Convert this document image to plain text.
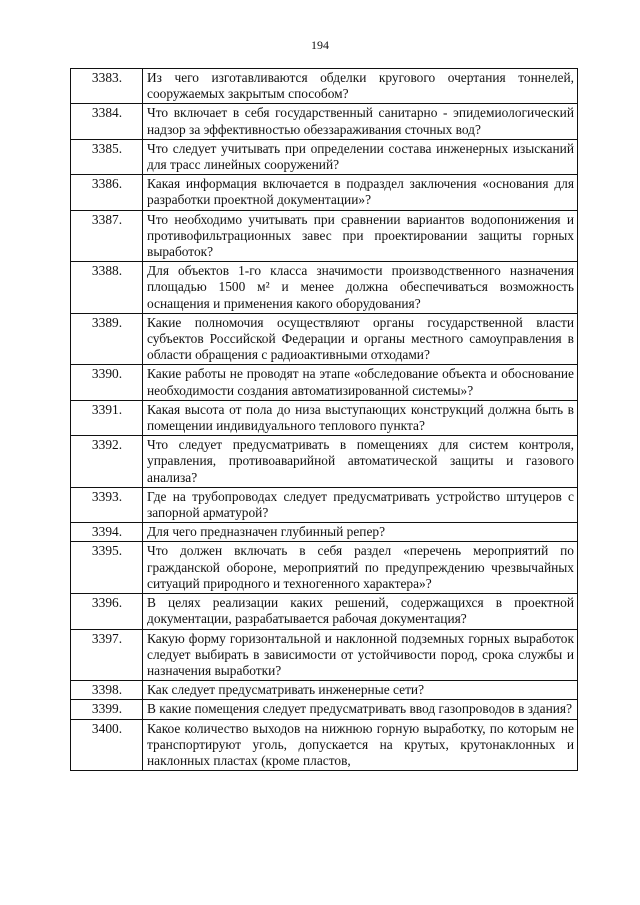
194
3383.	Из чего изготавливаются обделки кругового очертания тоннелей, сооружаемых закрытым способом?
3384.	Что включает в себя государственный санитарно - эпидемиологический надзор за эффективностью обеззараживания сточных вод?
3385.	Что следует учитывать при определении состава инженерных изысканий для трасс линейных сооружений?
3386.	Какая информация включается в подраздел заключения «основания для разработки проектной документации»?
3387.	Что необходимо учитывать при сравнении вариантов водопонижения и противофильтрационных завес при проектировании защиты горных выработок?
3388.	Для объектов 1-го класса значимости производственного назначения площадью 1500 м² и менее должна обеспечиваться возможность оснащения и применения какого оборудования?
3389.	Какие полномочия осуществляют органы государственной власти субъектов Российской Федерации и органы местного самоуправления в области обращения с радиоактивными отходами?
3390.	Какие работы не проводят на этапе «обследование объекта и обоснование необходимости создания автоматизированной системы»?
3391.	Какая высота от пола до низа выступающих конструкций должна быть в помещении индивидуального теплового пункта?
3392.	Что следует предусматривать в помещениях для систем контроля, управления, противоаварийной автоматической защиты и газового анализа?
3393.	Где на трубопроводах следует предусматривать устройство штуцеров с запорной арматурой?
3394.	Для чего предназначен глубинный репер?
3395.	Что должен включать в себя раздел «перечень мероприятий по гражданской обороне, мероприятий по предупреждению чрезвычайных ситуаций природного и техногенного характера»?
3396.	В целях реализации каких решений, содержащихся в проектной документации, разрабатывается рабочая документация?
3397.	Какую форму горизонтальной и наклонной подземных горных выработок следует выбирать в зависимости от устойчивости пород, срока службы и назначения выработки?
3398.	Как следует предусматривать инженерные сети?
3399.	В какие помещения следует предусматривать ввод газопроводов в здания?
3400.	Какое количество выходов на нижнюю горную выработку, по которым не транспортируют уголь, допускается на крутых, крутонаклонных и наклонных пластах (кроме пластов,
